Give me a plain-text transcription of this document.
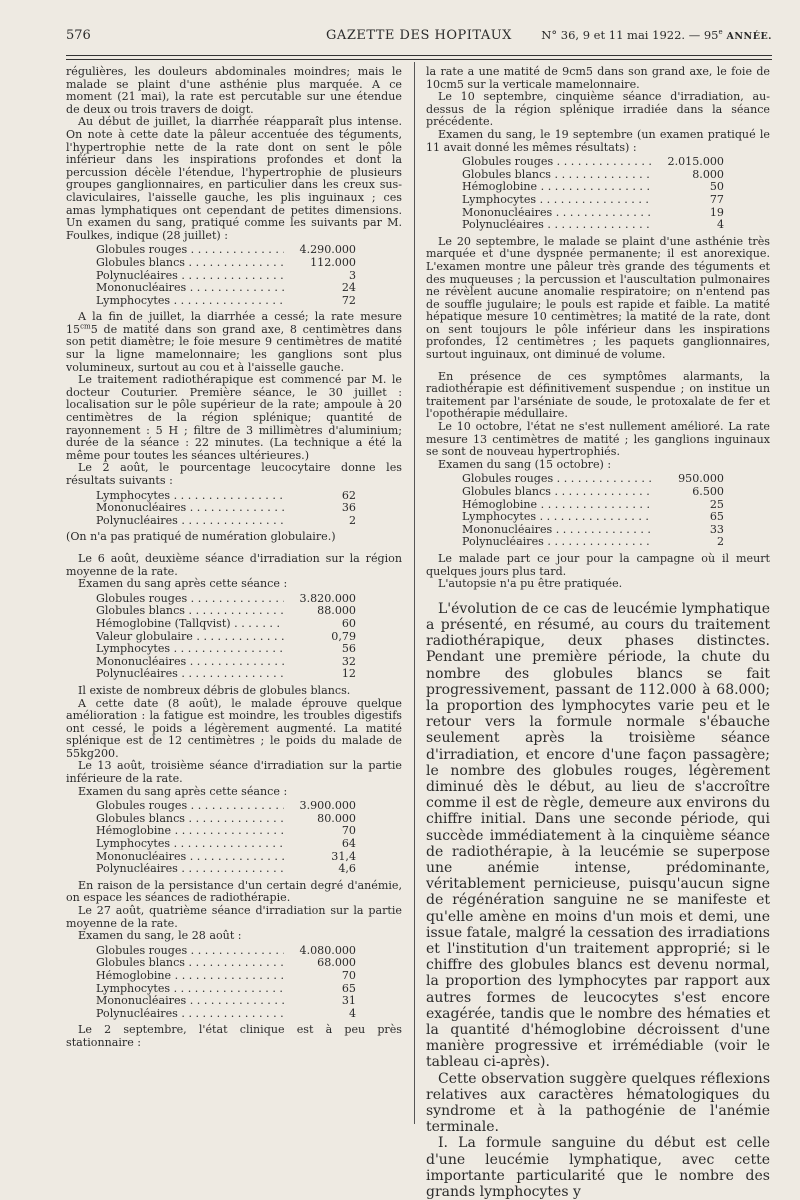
576	GAZETTE DES HOPITAUX	N° 36, 9 et 11 mai 1922. — 95e ANNÉE.

régulières, les douleurs abdominales moindres; mais le malade se plaint d'une asthénie plus marquée. A ce moment (21 mai), la rate est percutable sur une étendue de deux ou trois travers de doigt.

Au début de juillet, la diarrhée réapparaît plus intense. On note à cette date la pâleur accentuée des téguments, l'hypertrophie nette de la rate dont on sent le pôle inférieur dans les inspirations profondes et dont la percussion décèle l'étendue, l'hypertrophie de plusieurs groupes ganglionnaires, en particulier dans les creux sus-claviculaires, l'aisselle gauche, les plis inguinaux ; ces amas lymphatiques ont cependant de petites dimensions. Un examen du sang, pratiqué comme les suivants par M. Foulkes, indique (28 juillet) :

Globules rouges . . .	4.290.000
Globules blancs . . .	112.000
Polynucléaires . . .	3
Mononucléaires . . .	24
Lymphocytes . . .	72

A la fin de juillet, la diarrhée a cessé; la rate mesure $15^{cm}5$ de matité dans son grand axe, 8 centimètres dans son petit diamètre; le foie mesure 9 centimètres de matité sur la ligne mamelonnaire; les ganglions sont plus volumineux, surtout au cou et à l'aisselle gauche.

Le traitement radiothérapique est commencé par M. le docteur Couturier. Première séance, le 30 juillet : localisation sur le pôle supérieur de la rate; ampoule à 20 centimètres de la région splénique; quantité de rayonnement : 5 H ; filtre de 3 millimètres d'aluminium; durée de la séance : 22 minutes. (La technique a été la même pour toutes les séances ultérieures.)

Le 2 août, le pourcentage leucocytaire donne les résultats suivants :

Lymphocytes . . .	62
Mononucléaires . . .	36
Polynucléaires . . .	2

(On n'a pas pratiqué de numération globulaire.)

Le 6 août, deuxième séance d'irradiation sur la région moyenne de la rate.

Examen du sang après cette séance :

Globules rouges . . .	3.820.000
Globules blancs . . .	88.000
Hémoglobine (Tallqvist) . . .	60
Valeur globulaire . . .	0,79
Lymphocytes . . .	56
Mononucléaires . . .	32
Polynucléaires . . .	12

Il existe de nombreux débris de globules blancs.

A cette date (8 août), le malade éprouve quelque amélioration : la fatigue est moindre, les troubles digestifs ont cessé, le poids a légèrement augmenté. La matité splénique est de 12 centimètres ; le poids du malade de 55kg200.

Le 13 août, troisième séance d'irradiation sur la partie inférieure de la rate.

Examen du sang après cette séance :

Globules rouges . . .	3.900.000
Globules blancs . . .	80.000
Hémoglobine . . .	70
Lymphocytes . . .	64
Mononucléaires . . .	31,4
Polynucléaires . . .	4,6

En raison de la persistance d'un certain degré d'anémie, on espace les séances de radiothérapie.

Le 27 août, quatrième séance d'irradiation sur la partie moyenne de la rate.

Examen du sang, le 28 août :

Globules rouges . . .	4.080.000
Globules blancs . . .	68.000
Hémoglobine . . .	70
Lymphocytes . . .	65
Mononucléaires . . .	31
Polynucléaires . . .	4

Le 2 septembre, l'état clinique est à peu près stationnaire :

la rate a une matité de 9cm5 dans son grand axe, le foie de 10cm5 sur la verticale mamelonnaire.

Le 10 septembre, cinquième séance d'irradiation, au-dessus de la région splénique irradiée dans la séance précédente.

Examen du sang, le 19 septembre (un examen pratiqué le 11 avait donné les mêmes résultats) :

Globules rouges . . .	2.015.000
Globules blancs . . .	8.000
Hémoglobine . . .	50
Lymphocytes . . .	77
Mononucléaires . . .	19
Polynucléaires . . .	4

Le 20 septembre, le malade se plaint d'une asthénie très marquée et d'une dyspnée permanente; il est anorexique. L'examen montre une pâleur très grande des téguments et des muqueuses ; la percussion et l'auscultation pulmonaires ne révèlent aucune anomalie respiratoire; on n'entend pas de souffle jugulaire; le pouls est rapide et faible. La matité hépatique mesure 10 centimètres; la matité de la rate, dont on sent toujours le pôle inférieur dans les inspirations profondes, 12 centimètres ; les paquets ganglionnaires, surtout inguinaux, ont diminué de volume.

En présence de ces symptômes alarmants, la radiothérapie est définitivement suspendue ; on institue un traitement par l'arséniate de soude, le protoxalate de fer et l'opothérapie médullaire.

Le 10 octobre, l'état ne s'est nullement amélioré. La rate mesure 13 centimètres de matité ; les ganglions inguinaux se sont de nouveau hypertrophiés.

Examen du sang (15 octobre) :

Globules rouges . . .	950.000
Globules blancs . . .	6.500
Hémoglobine . . .	25
Lymphocytes . . .	65
Mononucléaires . . .	33
Polynucléaires . . .	2

Le malade part ce jour pour la campagne où il meurt quelques jours plus tard.

L'autopsie n'a pu être pratiquée.

L'évolution de ce cas de leucémie lymphatique a présenté, en résumé, au cours du traitement radiothérapique, deux phases distinctes. Pendant une première période, la chute du nombre des globules blancs se fait progressivement, passant de 112.000 à 68.000; la proportion des lymphocytes varie peu et le retour vers la formule normale s'ébauche seulement après la troisième séance d'irradiation, et encore d'une façon passagère; le nombre des globules rouges, légèrement diminué dès le début, au lieu de s'accroître comme il est de règle, demeure aux environs du chiffre initial. Dans une seconde période, qui succède immédiatement à la cinquième séance de radiothérapie, à la leucémie se superpose une anémie intense, prédominante, véritablement pernicieuse, puisqu'aucun signe de régénération sanguine ne se manifeste et qu'elle amène en moins d'un mois et demi, une issue fatale, malgré la cessation des irradiations et l'institution d'un traitement approprié; si le chiffre des globules blancs est devenu normal, la proportion des lymphocytes par rapport aux autres formes de leucocytes s'est encore exagérée, tandis que le nombre des hématies et la quantité d'hémoglobine décroissent d'une manière progressive et irrémédiable (voir le tableau ci-après).

Cette observation suggère quelques réflexions relatives aux caractères hématologiques du syndrome et à la pathogénie de l'anémie terminale.

I. La formule sanguine du début est celle d'une leucémie lymphatique, avec cette importante particularité que le nombre des grands lymphocytes y
